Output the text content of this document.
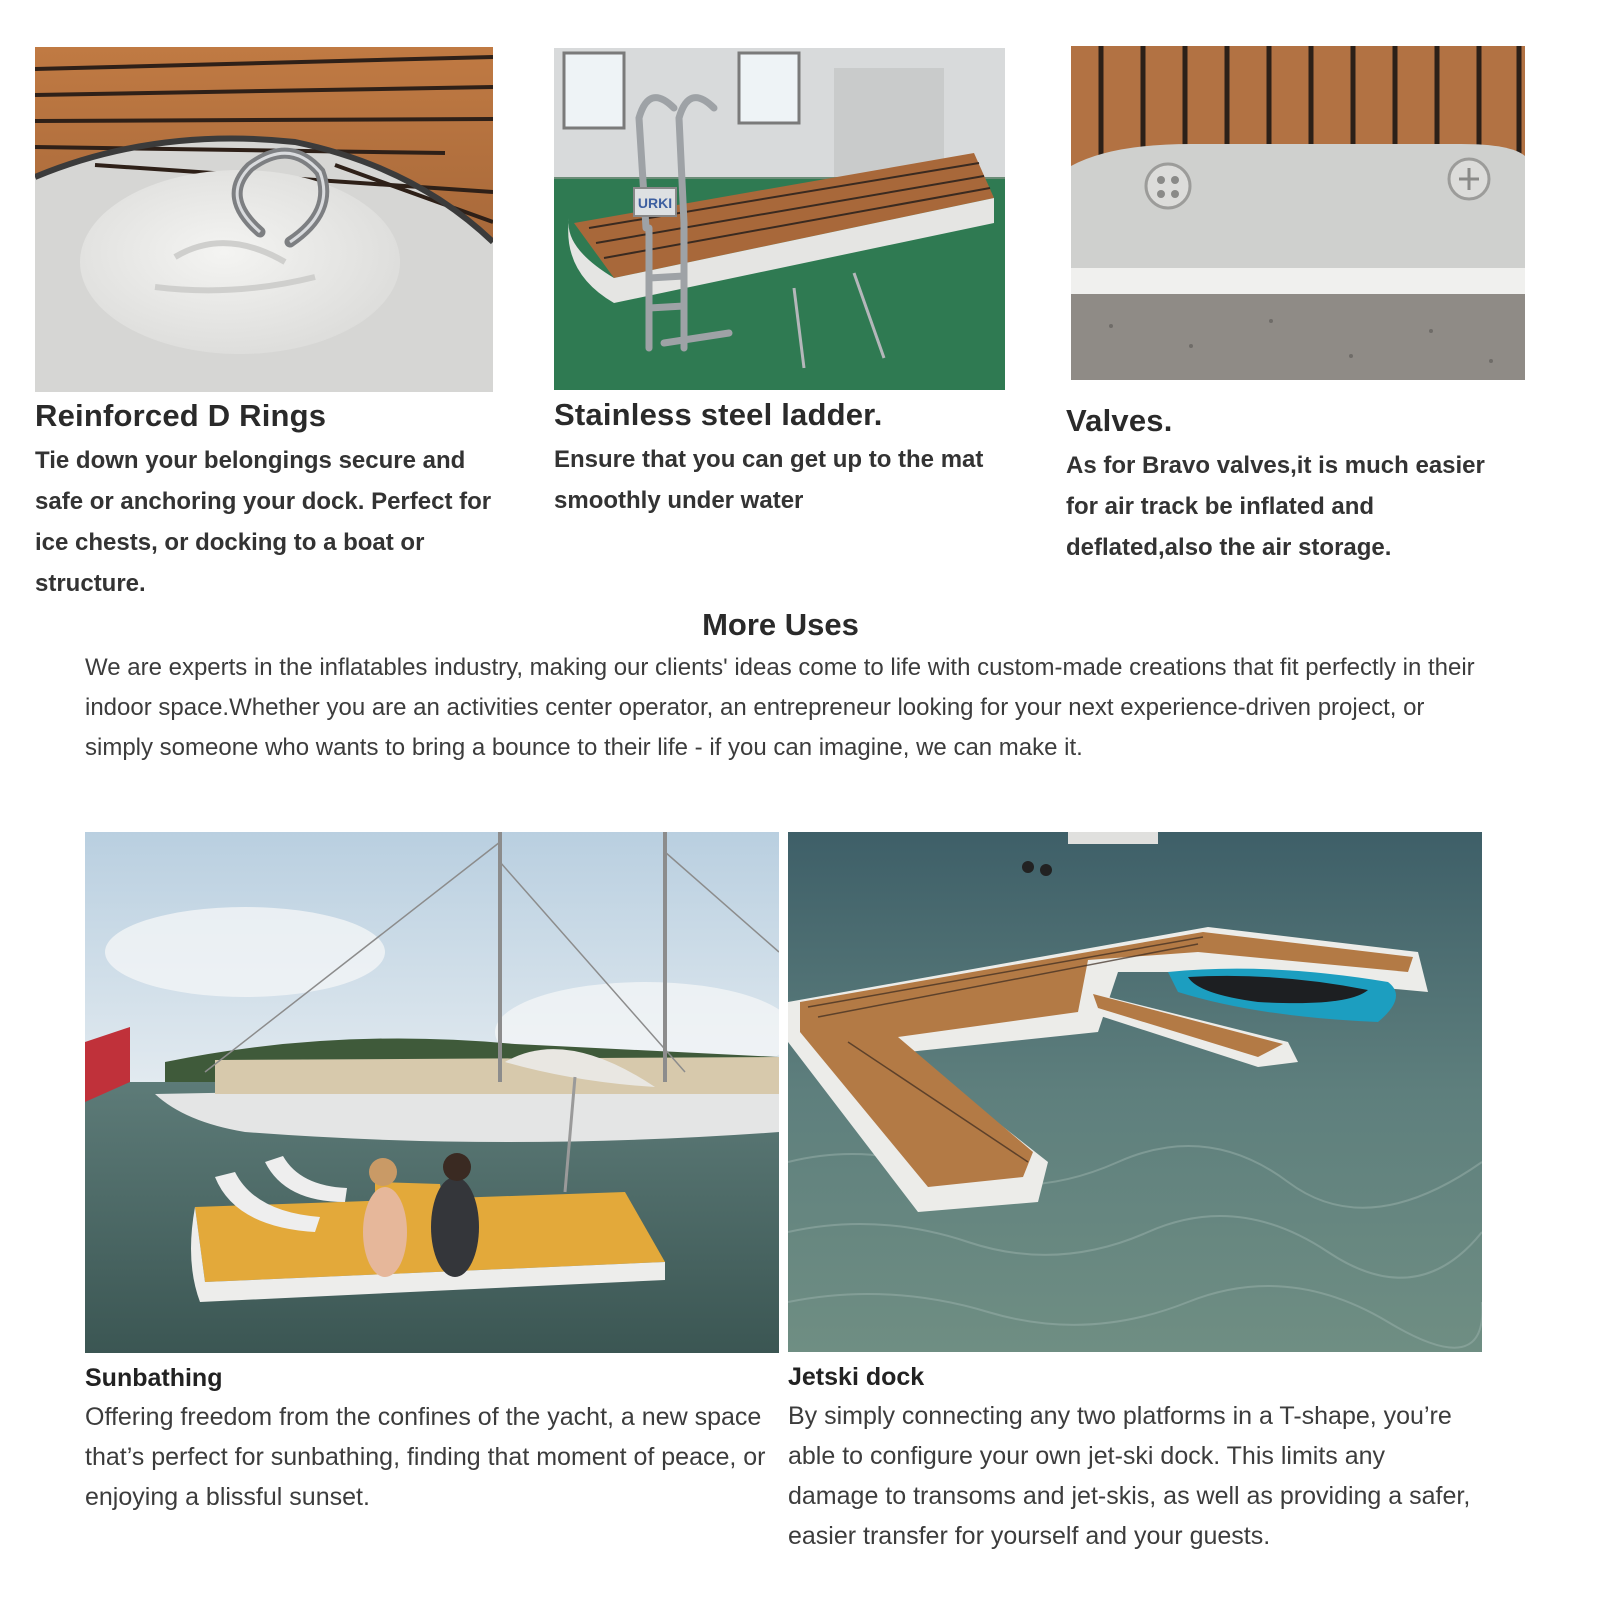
URKI
Reinforced D Rings
Tie down your belongings secure and safe or anchoring your dock. Perfect for ice chests, or docking to a boat or structure.
Stainless steel ladder.
Ensure that you can get up to the mat smoothly under water
Valves.
As for Bravo valves,it is much easier for air track be inflated and deflated,also the air storage.
More Uses
We are experts in the inflatables industry, making our clients' ideas come to life with custom-made creations that fit perfectly in their indoor space.Whether you are an activities center operator, an entrepreneur looking for your next experience-driven project, or simply someone who wants to bring a bounce to their life - if you can imagine, we can make it.
Sunbathing
Offering freedom from the confines of the yacht, a new space that’s perfect for sunbathing, finding that moment of peace, or enjoying a blissful sunset.
Jetski dock
By simply connecting any two platforms in a T-shape, you’re able to configure your own jet-ski dock. This limits any damage to transoms and jet-skis, as well as providing a safer, easier transfer for yourself and your guests.
